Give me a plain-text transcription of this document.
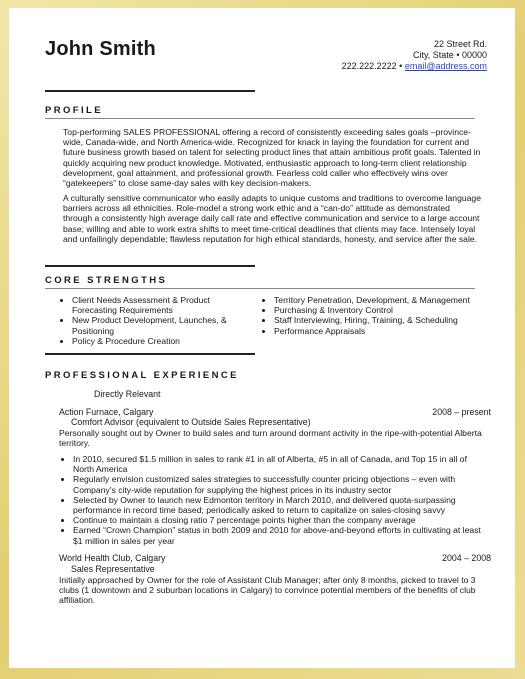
John Smith	22 Street Rd.
City, State • 00000
222.222.2222 • email@address.com
PROFILE
Top-performing SALES PROFESSIONAL offering a record of consistently exceeding sales goals –province-wide, Canada-wide, and North America-wide. Recognized for knack in laying the foundation for current and future business growth based on talent for selecting product lines that attain ambitious profit goals. Talented in quickly acquiring new product knowledge. Motivated, enthusiastic approach to long-term client relationship development, goal attainment, and professional growth. Fearless cold caller who effectively wins over “gatekeepers” to close same-day sales with key decision-makers.
A culturally sensitive communicator who easily adapts to unique customs and traditions to overcome language barriers across all ethnicities. Role-model a strong work ethic and a “can-do” attitude as demonstrated through a consistently high average daily call rate and effective communication and service to a large account base; willing and able to work extra shifts to meet time-critical deadlines that clients may face. Intensely loyal and unfailingly dependable; flawless reputation for high ethical standards, honesty, and service after the sale.
CORE STRENGTHS
• Client Needs Assessment & Product Forecasting Requirements
• New Product Development, Launches, & Positioning
• Policy & Procedure Creation
• Territory Penetration, Development, & Management
• Purchasing & Inventory Control
• Staff Interviewing, Hiring, Training, & Scheduling
• Performance Appraisals
PROFESSIONAL EXPERIENCE
Directly Relevant
Action Furnace, Calgary	2008 – present
Comfort Advisor (equivalent to Outside Sales Representative)
Personally sought out by Owner to build sales and turn around dormant activity in the ripe-with-potential Alberta territory.
• In 2010, secured $1.5 million in sales to rank #1 in all of Alberta, #5 in all of Canada, and Top 15 in all of North America
• Regularly envision customized sales strategies to successfully counter pricing objections – even with Company’s city-wide reputation for supplying the highest prices in its industry sector
• Selected by Owner to launch new Edmonton territory in March 2010, and delivered quota-surpassing performance in record time based; periodically asked to return to capitalize on sales-closing savvy
• Continue to maintain a closing ratio 7 percentage points higher than the company average
• Earned “Crown Champion” status in both 2009 and 2010 for above-and-beyond efforts in cultivating at least $1 million in sales per year
World Health Club, Calgary	2004 – 2008
Sales Representative
Initially approached by Owner for the role of Assistant Club Manager; after only 8 months, picked to travel to 3 clubs (1 downtown and 2 suburban locations in Calgary) to convince potential members of the benefits of club affiliation.
